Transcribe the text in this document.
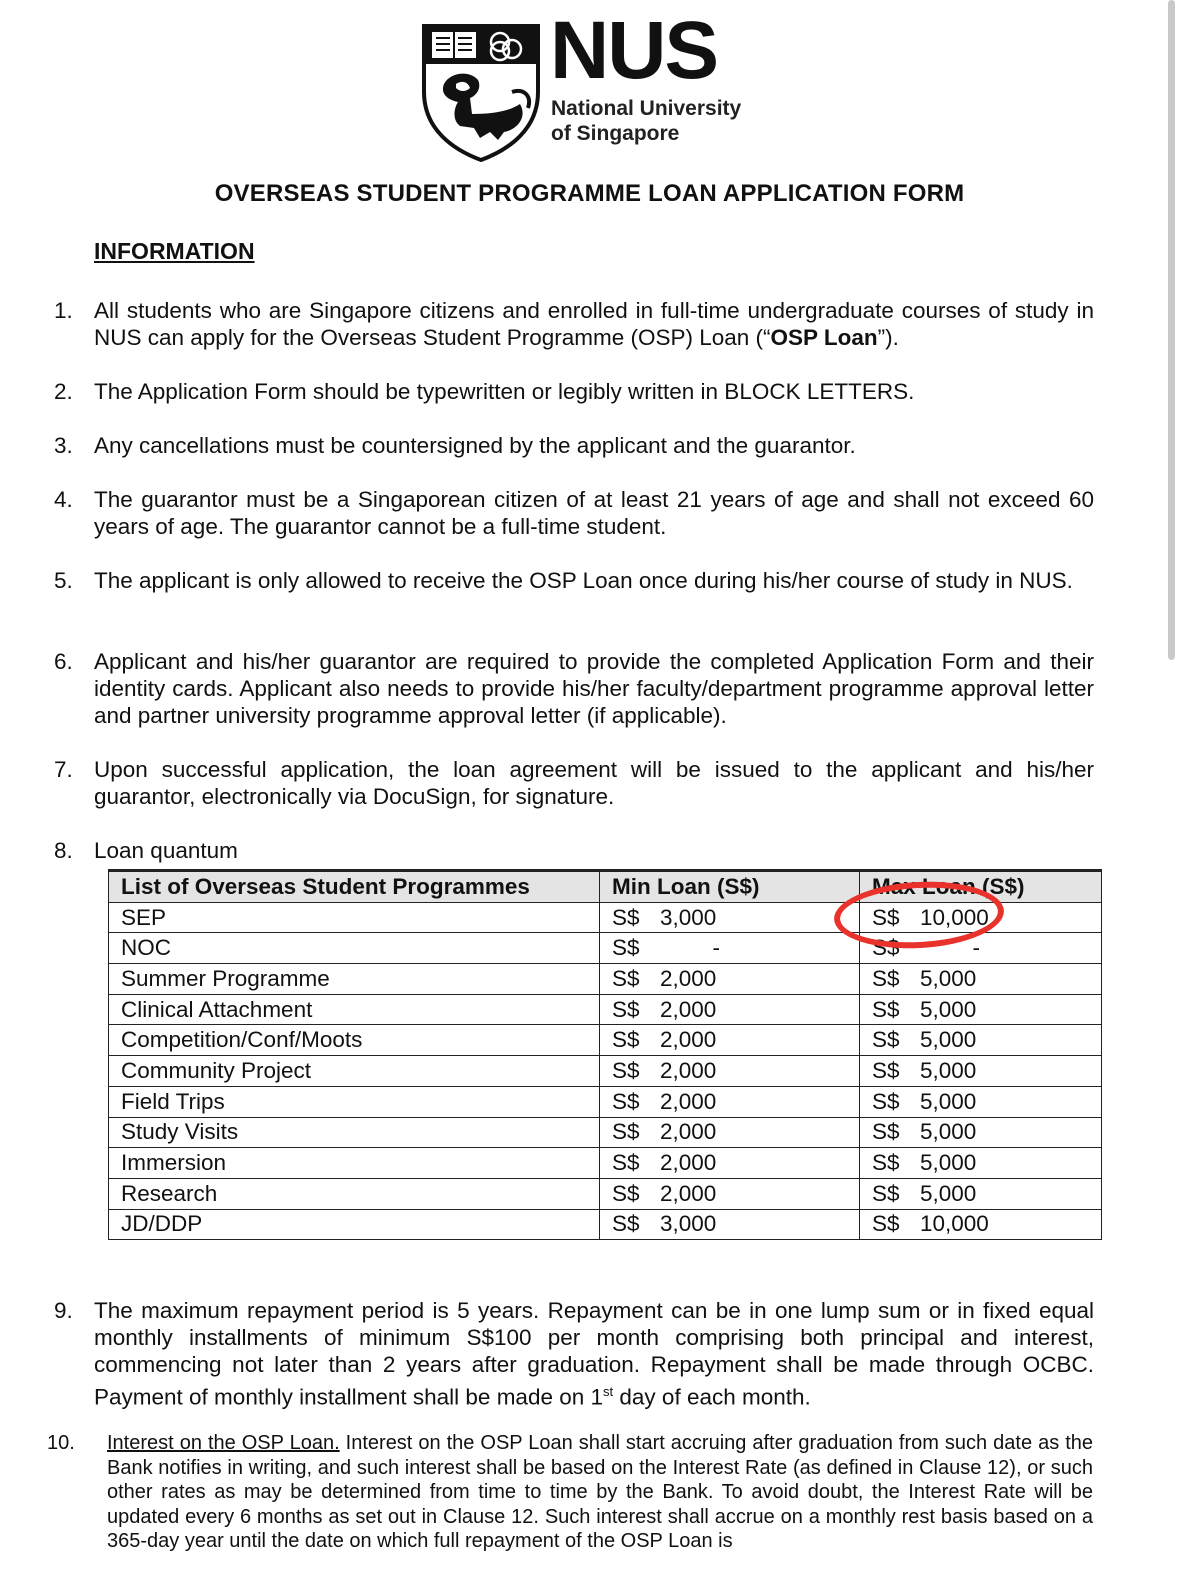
NUS
National University
of Singapore
OVERSEAS STUDENT PROGRAMME LOAN APPLICATION FORM
INFORMATION
1. All students who are Singapore citizens and enrolled in full-time undergraduate courses of study in NUS can apply for the Overseas Student Programme (OSP) Loan (“OSP Loan”).
2. The Application Form should be typewritten or legibly written in BLOCK LETTERS.
3. Any cancellations must be countersigned by the applicant and the guarantor.
4. The guarantor must be a Singaporean citizen of at least 21 years of age and shall not exceed 60 years of age. The guarantor cannot be a full-time student.
5. The applicant is only allowed to receive the OSP Loan once during his/her course of study in NUS.
6. Applicant and his/her guarantor are required to provide the completed Application Form and their identity cards. Applicant also needs to provide his/her faculty/department programme approval letter and partner university programme approval letter (if applicable).
7. Upon successful application, the loan agreement will be issued to the applicant and his/her guarantor, electronically via DocuSign, for signature.
8. Loan quantum
List of Overseas Student Programmes	Min Loan (S$)	Max Loan (S$)
SEP	S$ 3,000	S$ 10,000
NOC	S$ -	S$ -
Summer Programme	S$ 2,000	S$ 5,000
Clinical Attachment	S$ 2,000	S$ 5,000
Competition/Conf/Moots	S$ 2,000	S$ 5,000
Community Project	S$ 2,000	S$ 5,000
Field Trips	S$ 2,000	S$ 5,000
Study Visits	S$ 2,000	S$ 5,000
Immersion	S$ 2,000	S$ 5,000
Research	S$ 2,000	S$ 5,000
JD/DDP	S$ 3,000	S$ 10,000
9. The maximum repayment period is 5 years. Repayment can be in one lump sum or in fixed equal monthly installments of minimum S$100 per month comprising both principal and interest, commencing not later than 2 years after graduation. Repayment shall be made through OCBC. Payment of monthly installment shall be made on 1st day of each month.
10. Interest on the OSP Loan. Interest on the OSP Loan shall start accruing after graduation from such date as the Bank notifies in writing, and such interest shall be based on the Interest Rate (as defined in Clause 12), or such other rates as may be determined from time to time by the Bank. To avoid doubt, the Interest Rate will be updated every 6 months as set out in Clause 12. Such interest shall accrue on a monthly rest basis based on a 365-day year until the date on which full repayment of the OSP Loan is
